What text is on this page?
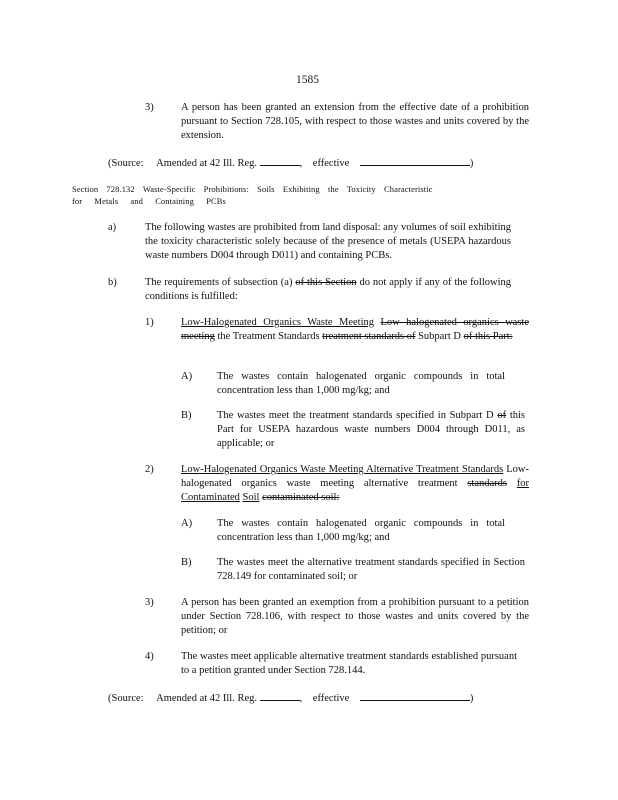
1585
3)	A person has been granted an extension from the effective date of a prohibition pursuant to Section 728.105, with respect to those wastes and units covered by the extension.
(Source: Amended at 42 Ill. Reg.	,    effective	)
Section 728.132 Waste-Specific Prohibitions: Soils Exhibiting the Toxicity Characteristic
for Metals and Containing PCBs
a)	The following wastes are prohibited from land disposal: any volumes of soil exhibiting the toxicity characteristic solely because of the presence of metals (USEPA hazardous waste numbers D004 through D011) and containing PCBs.
b)	The requirements of subsection (a) of this Section do not apply if any of the following conditions is fulfilled:
1)	Low-Halogenated Organics Waste Meeting Low halogenated organics waste meeting the Treatment Standards treatment standards of Subpart D of this Part:
A) The wastes contain halogenated organic compounds in total concentration less than 1,000 mg/kg; and
B) The wastes meet the treatment standards specified in Subpart D of this Part for USEPA hazardous waste numbers D004 through D011, as applicable; or
2)	Low-Halogenated Organics Waste Meeting Alternative Treatment Standards Low-halogenated organics waste meeting alternative treatment standards for Contaminated Soil contaminated soil:
A) The wastes contain halogenated organic compounds in total concentration less than 1,000 mg/kg; and
B) The wastes meet the alternative treatment standards specified in Section 728.149 for contaminated soil; or
3)	A person has been granted an exemption from a prohibition pursuant to a petition under Section 728.106, with respect to those wastes and units covered by the petition; or
4)	The wastes meet applicable alternative treatment standards established pursuant to a petition granted under Section 728.144.
(Source: Amended at 42 Ill. Reg.	,    effective	)
